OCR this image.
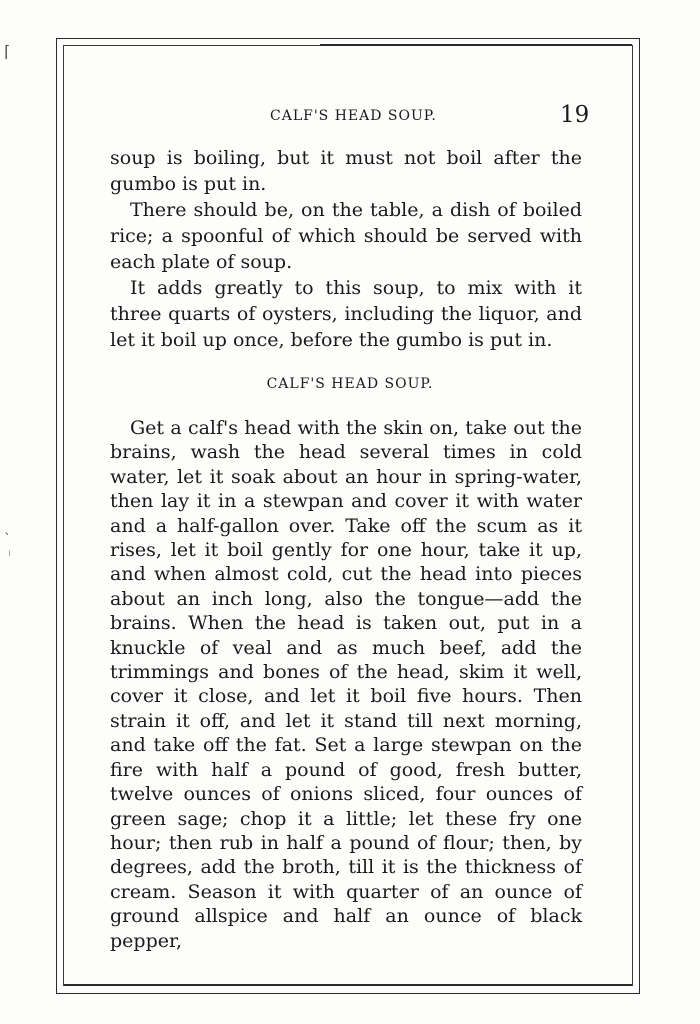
⌈
ˋ
ı
CALF'S HEAD SOUP.	19

soup is boiling, but it must not boil after the gumbo is put in.

There should be, on the table, a dish of boiled rice; a spoonful of which should be served with each plate of soup.

It adds greatly to this soup, to mix with it three quarts of oysters, including the liquor, and let it boil up once, before the gumbo is put in.

CALF'S HEAD SOUP.

Get a calf's head with the skin on, take out the brains, wash the head several times in cold water, let it soak about an hour in spring-water, then lay it in a stewpan and cover it with water and a half-gallon over. Take off the scum as it rises, let it boil gently for one hour, take it up, and when almost cold, cut the head into pieces about an inch long, also the tongue—add the brains. When the head is taken out, put in a knuckle of veal and as much beef, add the trimmings and bones of the head, skim it well, cover it close, and let it boil five hours. Then strain it off, and let it stand till next morning, and take off the fat. Set a large stewpan on the fire with half a pound of good, fresh butter, twelve ounces of onions sliced, four ounces of green sage; chop it a little; let these fry one hour; then rub in half a pound of flour; then, by degrees, add the broth, till it is the thickness of cream. Season it with quarter of an ounce of ground allspice and half an ounce of black pepper,
